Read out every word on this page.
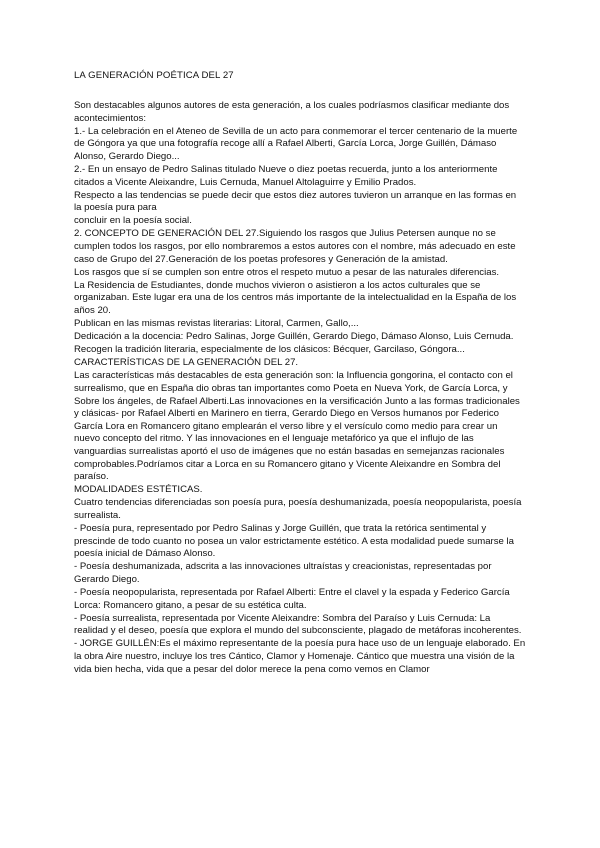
LA GENERACIÓN POÉTICA DEL 27

Son destacables algunos autores de esta generación, a los cuales podríasmos clasificar mediante dos acontecimientos:

1.- La celebración en el Ateneo de Sevilla de un acto para conmemorar el tercer centenario de la muerte de Góngora ya que una fotografía recoge allí a Rafael Alberti, García Lorca, Jorge Guillén, Dámaso Alonso, Gerardo Diego...

2.- En un ensayo de Pedro Salinas titulado Nueve o diez poetas recuerda, junto a los anteriormente citados a Vicente Aleixandre, Luis Cernuda, Manuel Altolaguirre y Emilio Prados.

Respecto a las tendencias se puede decir que estos diez autores tuvieron un arranque en las formas en la poesía pura para

concluir en la poesía social.

2. CONCEPTO DE GENERACIÓN DEL 27.Siguiendo los rasgos que Julius Petersen aunque no se cumplen todos los rasgos, por ello nombraremos a estos autores con el nombre, más adecuado en este caso de Grupo del 27.Generación de los poetas profesores y Generación de la amistad.

Los rasgos que sí se cumplen son entre otros el respeto mutuo a pesar de las naturales diferencias.

La Residencia de Estudiantes, donde muchos vivieron o asistieron a los actos culturales que se organizaban. Este lugar era una de los centros más importante de la intelectualidad en la España de los años 20.

Publican en las mismas revistas literarias: Litoral, Carmen, Gallo,...

Dedicación a la docencia: Pedro Salinas, Jorge Guillén, Gerardo Diego, Dámaso Alonso, Luis Cernuda.

Recogen la tradición literaria, especialmente de los clásicos: Bécquer, Garcilaso, Góngora...

CARACTERÍSTICAS DE LA GENERACIÓN DEL 27.

Las características más destacables de esta generación son: la Influencia gongorina, el contacto con el surrealismo, que en España dio obras tan importantes como Poeta en Nueva York, de García Lorca, y Sobre los ángeles, de Rafael Alberti.Las innovaciones en la versificación Junto a las formas tradicionales y clásicas- por Rafael Alberti en Marinero en tierra, Gerardo Diego en Versos humanos por Federico García Lora en Romancero gitano emplearán el verso libre y el versículo como medio para crear un nuevo concepto del ritmo. Y las innovaciones en el lenguaje metafórico ya que el influjo de las vanguardias surrealistas aportó el uso de imágenes que no están basadas en semejanzas racionales comprobables.Podríamos citar a Lorca en su Romancero gitano y Vicente Aleixandre en Sombra del paraíso.

MODALIDADES ESTÉTICAS.

Cuatro tendencias diferenciadas son poesía pura, poesía deshumanizada, poesía neopopularista, poesía surrealista.

- Poesía pura, representado por Pedro Salinas y Jorge Guillén, que trata la retórica sentimental y prescinde de todo cuanto no posea un valor estrictamente estético. A esta modalidad puede sumarse la poesía inicial de Dámaso Alonso.

- Poesía deshumanizada, adscrita a las innovaciones ultraístas y creacionistas, representadas por Gerardo Diego.

- Poesía neopopularista, representada por Rafael Alberti: Entre el clavel y la espada y Federico García Lorca: Romancero gitano, a pesar de su estética culta.

- Poesía surrealista, representada por Vicente Aleixandre: Sombra del Paraíso y Luis Cernuda: La realidad y el deseo, poesía que explora el mundo del subconsciente, plagado de metáforas incoherentes.

- JORGE GUILLÉN:Es el máximo representante de la poesía pura hace uso de un lenguaje elaborado. En la obra Aire nuestro, incluye los tres Cántico, Clamor y Homenaje. Cántico que muestra una visión de la vida bien hecha, vida que a pesar del dolor merece la pena como vemos en Clamor
